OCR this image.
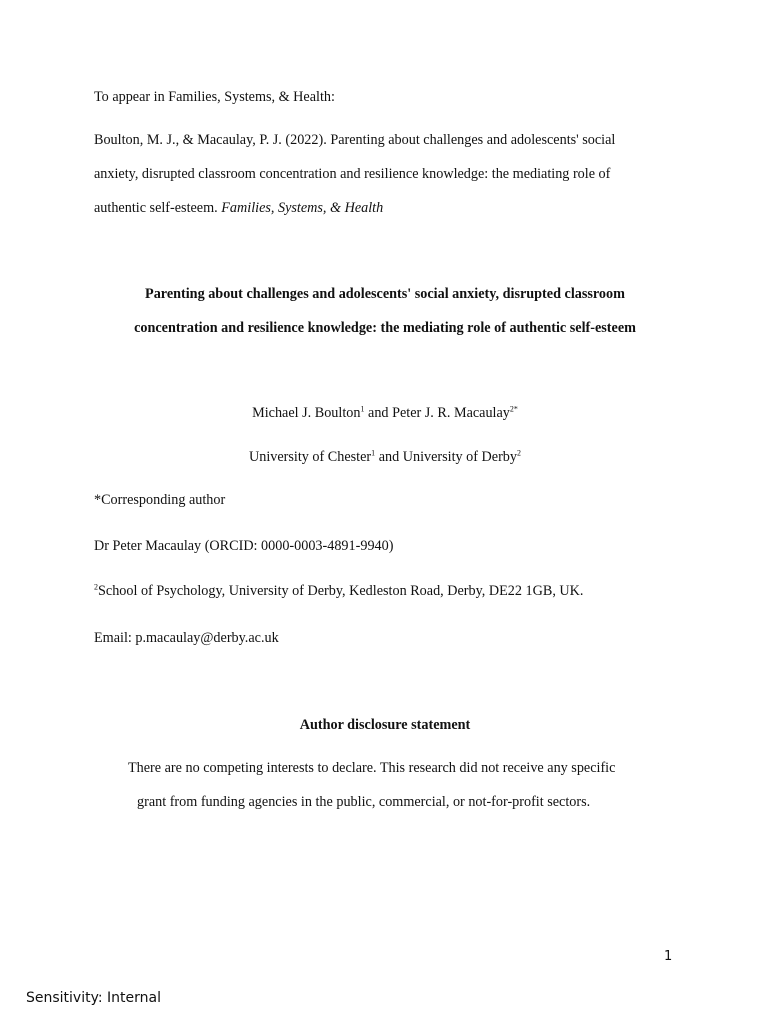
To appear in Families, Systems, & Health:
Boulton, M. J., & Macaulay, P. J. (2022). Parenting about challenges and adolescents' social
anxiety, disrupted classroom concentration and resilience knowledge: the mediating role of
authentic self-esteem. Families, Systems, & Health
Parenting about challenges and adolescents' social anxiety, disrupted classroom
concentration and resilience knowledge: the mediating role of authentic self-esteem
Michael J. Boulton$^1$ and Peter J. R. Macaulay$^{2*}$
University of Chester$^1$ and University of Derby$^2$
*Corresponding author
Dr Peter Macaulay (ORCID: 0000-0003-4891-9940)
$^2$School of Psychology, University of Derby, Kedleston Road, Derby, DE22 1GB, UK.
Email: p.macaulay@derby.ac.uk
Author disclosure statement
There are no competing interests to declare. This research did not receive any specific
grant from funding agencies in the public, commercial, or not-for-profit sectors.
1
Sensitivity: Internal
